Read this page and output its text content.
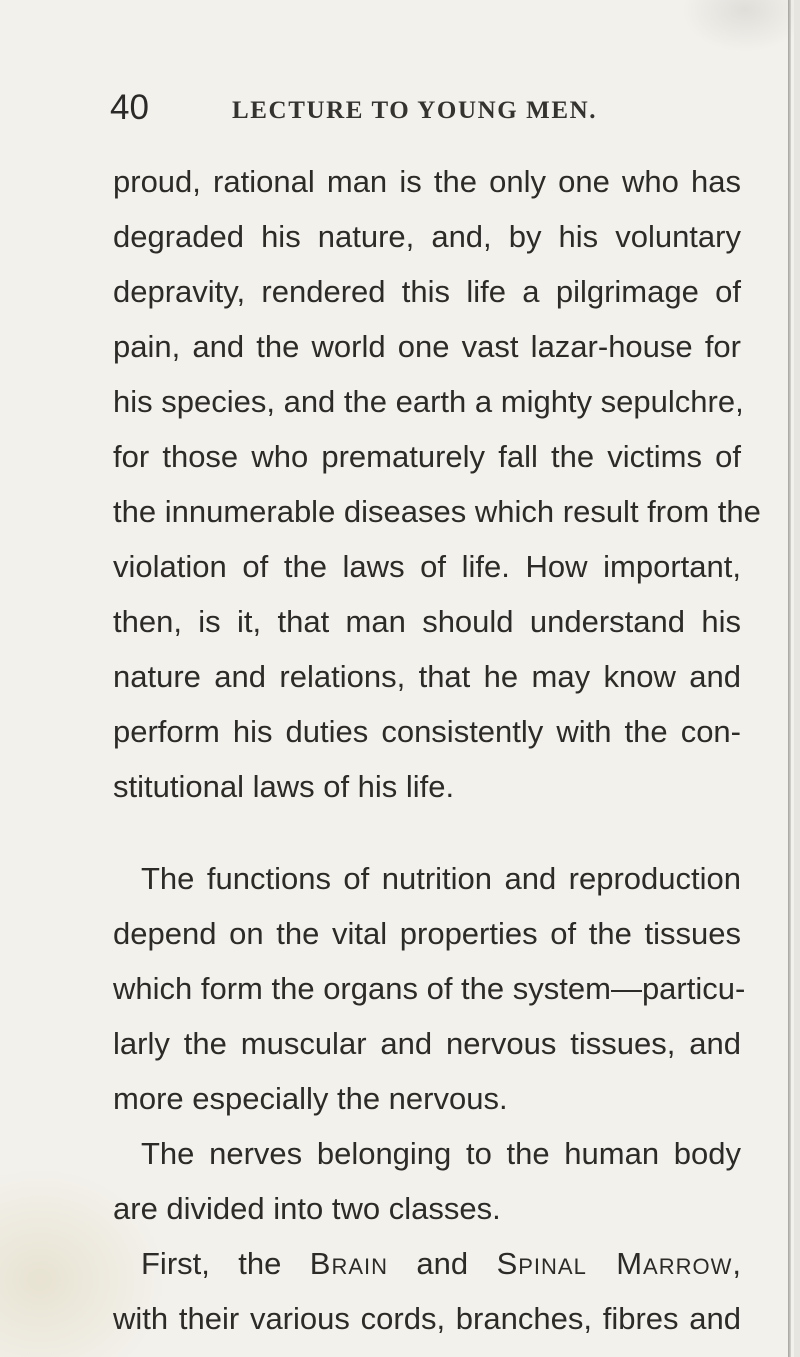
40	LECTURE TO YOUNG MEN.
proud, rational man is the only one who has
degraded his nature, and, by his voluntary
depravity, rendered this life a pilgrimage of
pain, and the world one vast lazar-house for
his species, and the earth a mighty sepulchre,
for those who prematurely fall the victims of
the innumerable diseases which result from the
violation of the laws of life. How important,
then, is it, that man should understand his
nature and relations, that he may know and
perform his duties consistently with the con-
stitutional laws of his life.
The functions of nutrition and reproduction
depend on the vital properties of the tissues
which form the organs of the system—particu-
larly the muscular and nervous tissues, and
more especially the nervous.
The nerves belonging to the human body
are divided into two classes.
First, the Brain and Spinal Marrow,
with their various cords, branches, fibres and
